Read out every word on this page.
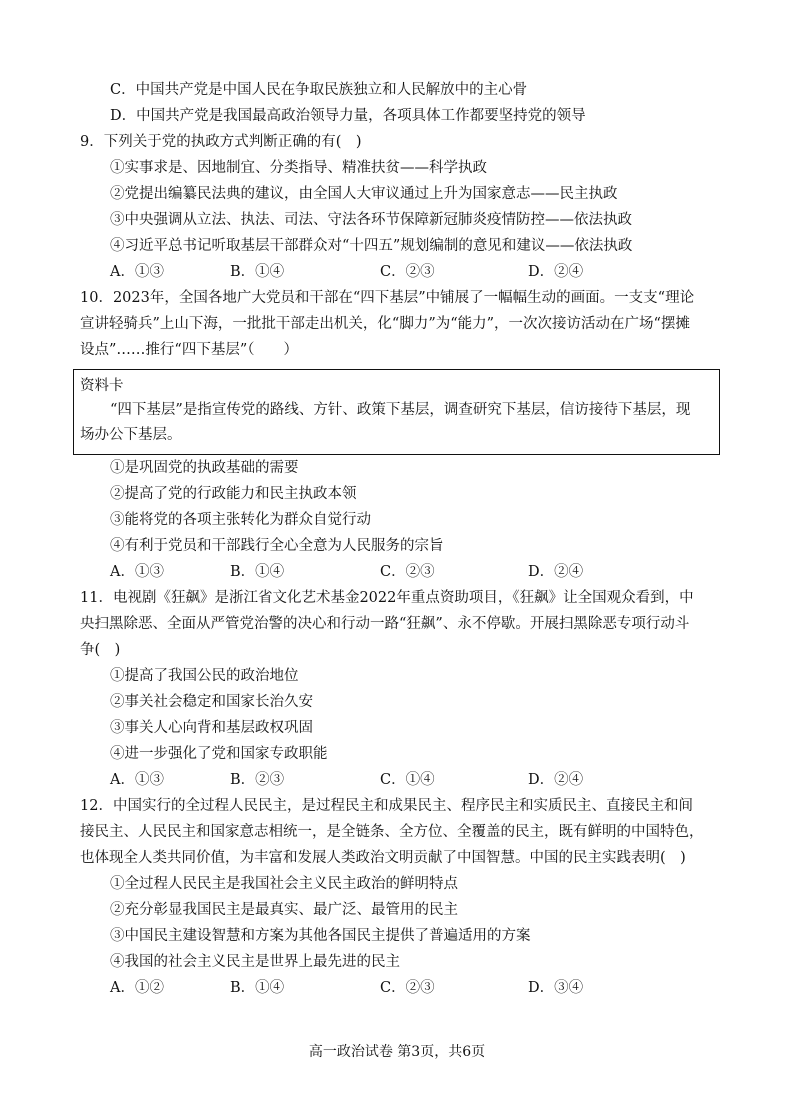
C．中国共产党是中国人民在争取民族独立和人民解放中的主心骨
D．中国共产党是我国最高政治领导力量，各项具体工作都要坚持党的领导
9．下列关于党的执政方式判断正确的有(　)
①实事求是、因地制宜、分类指导、精准扶贫——科学执政
②党提出编纂民法典的建议，由全国人大审议通过上升为国家意志——民主执政
③中央强调从立法、执法、司法、守法各环节保障新冠肺炎疫情防控——依法执政
④习近平总书记听取基层干部群众对“十四五”规划编制的意见和建议——依法执政
A．①③	B．①④	C．②③	D．②④
10．2023年，全国各地广大党员和干部在“四下基层”中铺展了一幅幅生动的画面。一支支“理论
宣讲轻骑兵”上山下海，一批批干部走出机关，化“脚力”为“能力”，一次次接访活动在广场“摆摊
设点”……推行“四下基层”（　　）
资料卡
“四下基层”是指宣传党的路线、方针、政策下基层，调查研究下基层，信访接待下基层，现
场办公下基层。
①是巩固党的执政基础的需要
②提高了党的行政能力和民主执政本领
③能将党的各项主张转化为群众自觉行动
④有利于党员和干部践行全心全意为人民服务的宗旨
A．①③	B．①④	C．②③	D．②④
11．电视剧《狂飙》是浙江省文化艺术基金2022年重点资助项目，《狂飙》让全国观众看到，中
央扫黑除恶、全面从严管党治警的决心和行动一路“狂飙”、永不停歇。开展扫黑除恶专项行动斗
争(　)
①提高了我国公民的政治地位
②事关社会稳定和国家长治久安
③事关人心向背和基层政权巩固
④进一步强化了党和国家专政职能
A．①③	B．②③	C．①④	D．②④
12．中国实行的全过程人民民主，是过程民主和成果民主、程序民主和实质民主、直接民主和间
接民主、人民民主和国家意志相统一，是全链条、全方位、全覆盖的民主，既有鲜明的中国特色，
也体现全人类共同价值，为丰富和发展人类政治文明贡献了中国智慧。中国的民主实践表明(　)
①全过程人民民主是我国社会主义民主政治的鲜明特点
②充分彰显我国民主是最真实、最广泛、最管用的民主
③中国民主建设智慧和方案为其他各国民主提供了普遍适用的方案
④我国的社会主义民主是世界上最先进的民主
A．①②	B．①④	C．②③	D．③④
高一政治试卷 第3页，共6页
